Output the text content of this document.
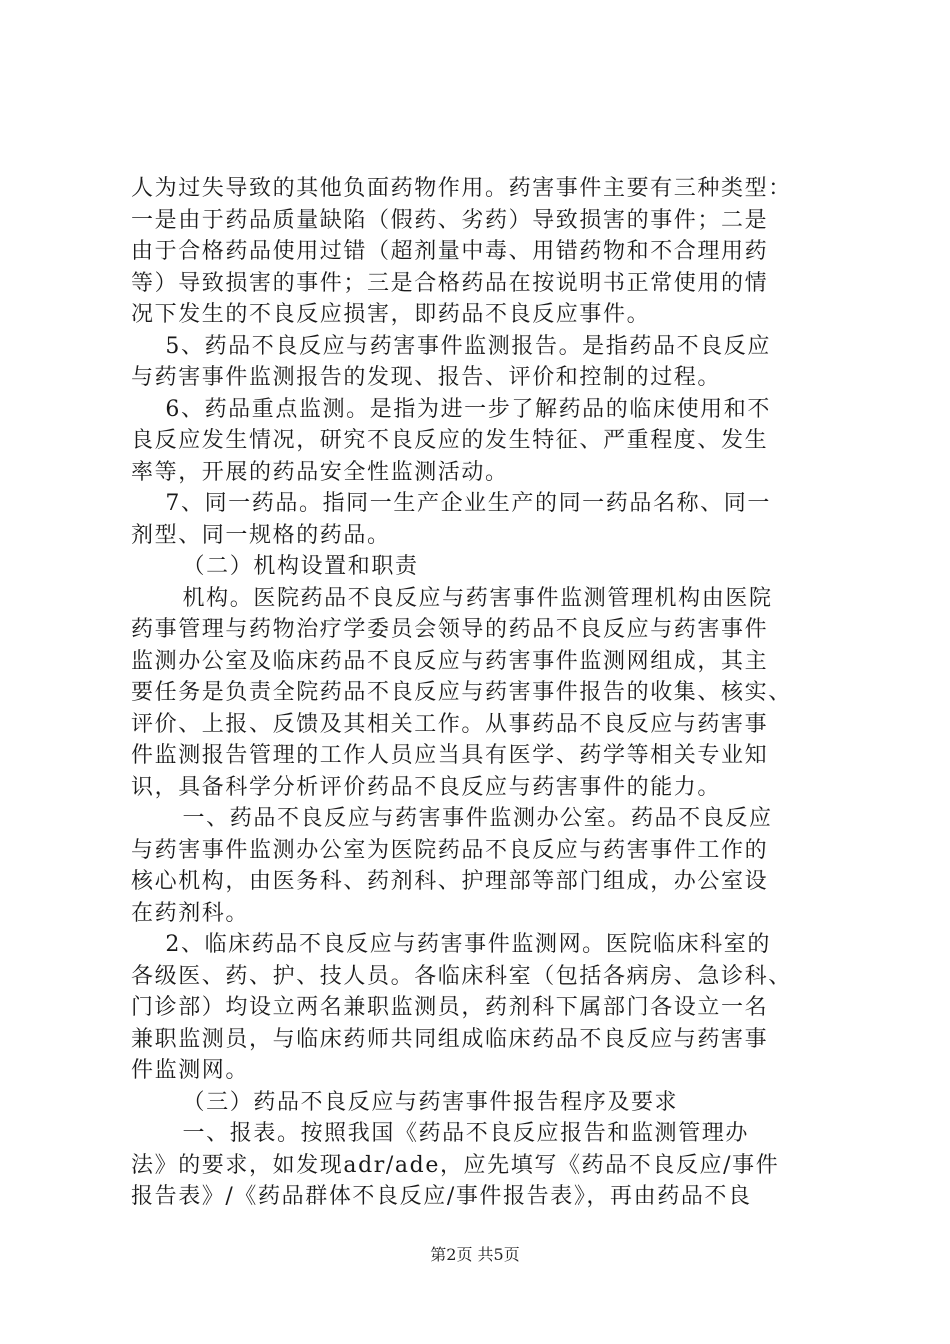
人为过失导致的其他负面药物作用。药害事件主要有三种类型：
一是由于药品质量缺陷（假药、劣药）导致损害的事件；二是
由于合格药品使用过错（超剂量中毒、用错药物和不合理用药
等）导致损害的事件；三是合格药品在按说明书正常使用的情
况下发生的不良反应损害，即药品不良反应事件。
5、药品不良反应与药害事件监测报告。是指药品不良反应
与药害事件监测报告的发现、报告、评价和控制的过程。
6、药品重点监测。是指为进一步了解药品的临床使用和不
良反应发生情况，研究不良反应的发生特征、严重程度、发生
率等，开展的药品安全性监测活动。
7、同一药品。指同一生产企业生产的同一药品名称、同一
剂型、同一规格的药品。
（二）机构设置和职责
机构。医院药品不良反应与药害事件监测管理机构由医院
药事管理与药物治疗学委员会领导的药品不良反应与药害事件
监测办公室及临床药品不良反应与药害事件监测网组成，其主
要任务是负责全院药品不良反应与药害事件报告的收集、核实、
评价、上报、反馈及其相关工作。从事药品不良反应与药害事
件监测报告管理的工作人员应当具有医学、药学等相关专业知
识，具备科学分析评价药品不良反应与药害事件的能力。
一、药品不良反应与药害事件监测办公室。药品不良反应
与药害事件监测办公室为医院药品不良反应与药害事件工作的
核心机构，由医务科、药剂科、护理部等部门组成，办公室设
在药剂科。
2、临床药品不良反应与药害事件监测网。医院临床科室的
各级医、药、护、技人员。各临床科室（包括各病房、急诊科、
门诊部）均设立两名兼职监测员，药剂科下属部门各设立一名
兼职监测员，与临床药师共同组成临床药品不良反应与药害事
件监测网。
（三）药品不良反应与药害事件报告程序及要求
一、报表。按照我国《药品不良反应报告和监测管理办
法》的要求，如发现adr/ade，应先填写《药品不良反应/事件
报告表》/《药品群体不良反应/事件报告表》，再由药品不良
第2页 共5页
